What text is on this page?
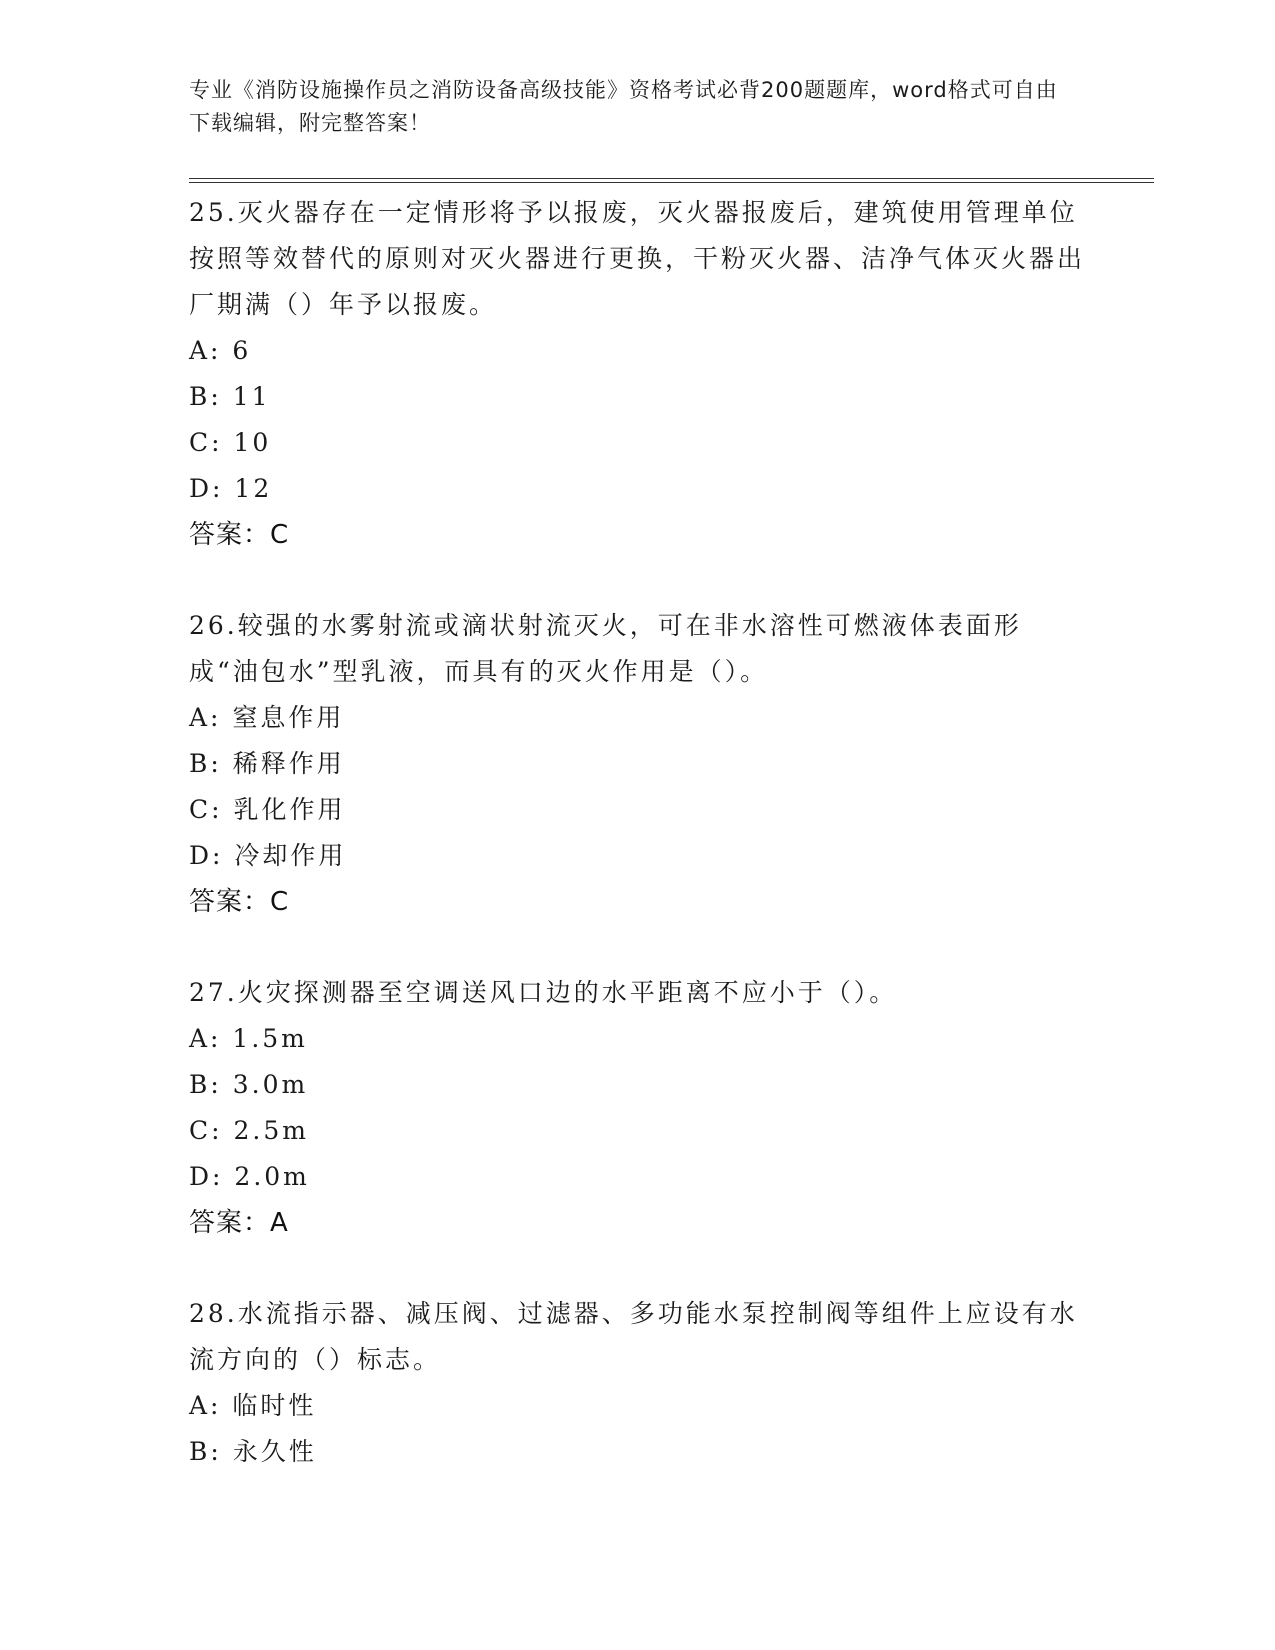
专业《消防设施操作员之消防设备高级技能》资格考试必背200题题库，word格式可自由下载编辑，附完整答案！

25.灭火器存在一定情形将予以报废，灭火器报废后，建筑使用管理单位按照等效替代的原则对灭火器进行更换，干粉灭火器、洁净气体灭火器出厂期满（）年予以报废。

A: 6

B: 11

C: 10

D: 12

答案：C

26.较强的水雾射流或滴状射流灭火，可在非水溶性可燃液体表面形成“油包水”型乳液，而具有的灭火作用是（）。

A: 窒息作用

B: 稀释作用

C: 乳化作用

D: 冷却作用

答案：C

27.火灾探测器至空调送风口边的水平距离不应小于（）。

A: 1.5m

B: 3.0m

C: 2.5m

D: 2.0m

答案：A

28.水流指示器、减压阀、过滤器、多功能水泵控制阀等组件上应设有水流方向的（）标志。

A: 临时性

B: 永久性
